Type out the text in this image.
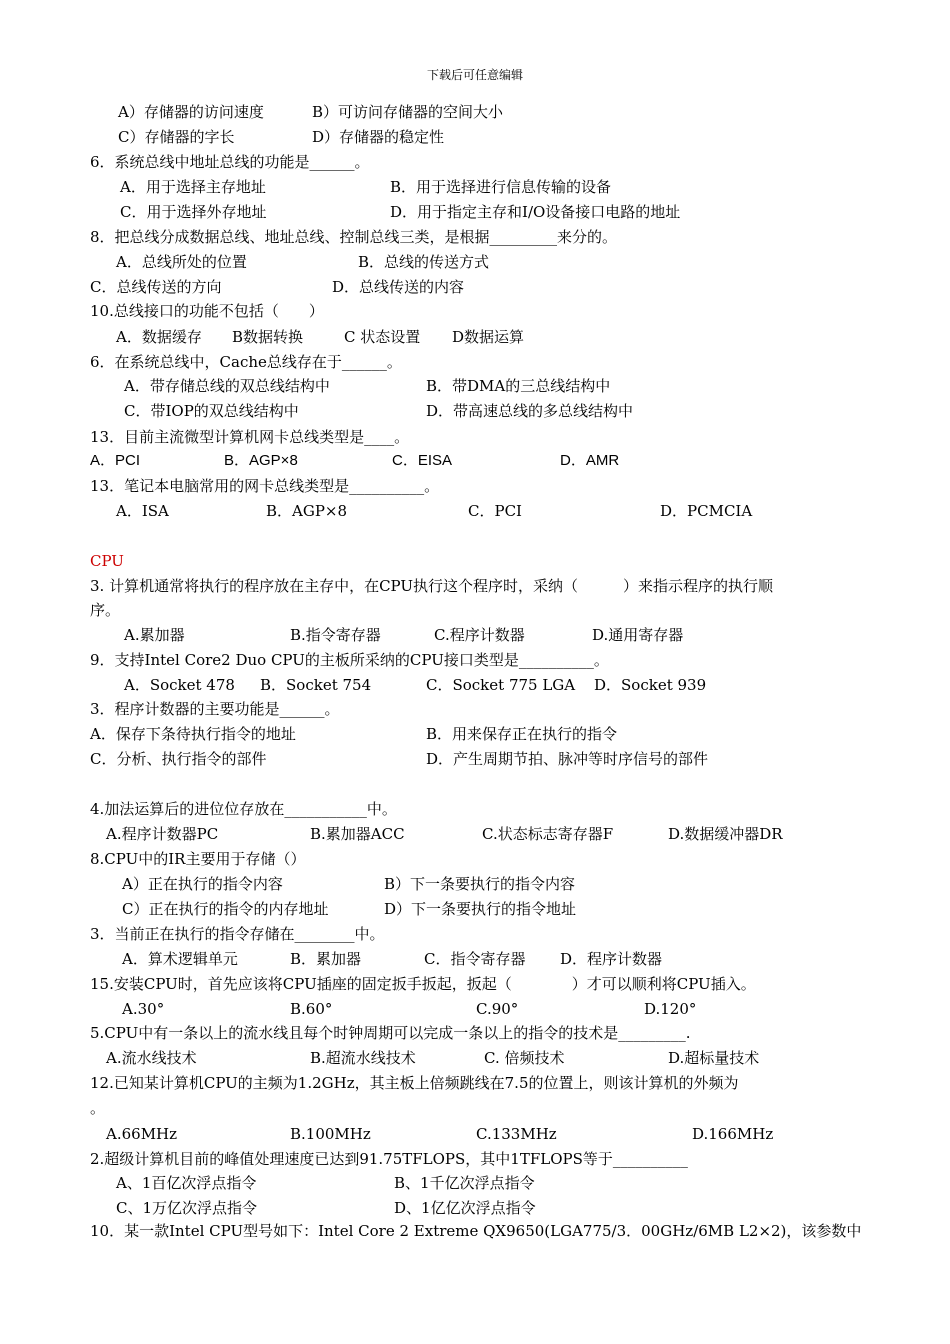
下载后可任意编辑
A）存储器的访问速度	B）可访问存储器的空间大小
C）存储器的字长	D）存储器的稳定性
6．系统总线中地址总线的功能是______。
A．用于选择主存地址	B．用于选择进行信息传输的设备
C．用于选择外存地址	D．用于指定主存和I/O设备接口电路的地址
8．把总线分成数据总线、地址总线、控制总线三类，是根据_________来分的。
A．总线所处的位置	B．总线的传送方式
C．总线传送的方向	D．总线传送的内容
10.总线接口的功能不包括（　　）
A．数据缓存 B数据转换	C 状态设置 D数据运算
6．在系统总线中，Cache总线存在于______。
A．带存储总线的双总线结构中	B．带DMA的三总线结构中
C．带IOP的双总线结构中	D．带高速总线的多总线结构中
13．目前主流微型计算机网卡总线类型是____。
A．PCI	B．AGP×8	C．EISA	D．AMR
13．笔记本电脑常用的网卡总线类型是__________。
A．ISA	B．AGP×8	C．PCI	D．PCMCIA
CPU
3. 计算机通常将执行的程序放在主存中，在CPU执行这个程序时，采纳（　　　）来指示程序的执行顺
序。
A.累加器	B.指令寄存器	C.程序计数器	D.通用寄存器
9．支持Intel Core2 Duo CPU的主板所采纳的CPU接口类型是__________。
A．Socket 478 B．Socket 754	C．Socket 775 LGA D．Socket 939
3．程序计数器的主要功能是______。
A．保存下条待执行指令的地址	B．用来保存正在执行的指令
C．分析、执行指令的部件	D．产生周期节拍、脉冲等时序信号的部件
4.加法运算后的进位位存放在___________中。
A.程序计数器PC	B.累加器ACC	C.状态标志寄存器F	D.数据缓冲器DR
8.CPU中的IR主要用于存储（）
A）正在执行的指令内容	B）下一条要执行的指令内容
C）正在执行的指令的内存地址	D）下一条要执行的指令地址
3．当前正在执行的指令存储在________中。
A．算术逻辑单元	B．累加器	C．指令寄存器 D．程序计数器
15.安装CPU时，首先应该将CPU插座的固定扳手扳起，扳起（　　　　）才可以顺利将CPU插入。
A.30°	B.60°	C.90°	D.120°
5.CPU中有一条以上的流水线且每个时钟周期可以完成一条以上的指令的技术是_________.
A.流水线技术	B.超流水线技术	C. 倍频技术	D.超标量技术
12.已知某计算机CPU的主频为1.2GHz，其主板上倍频跳线在7.5的位置上，则该计算机的外频为
。
A.66MHz	B.100MHz	C.133MHz	D.166MHz
2.超级计算机目前的峰值处理速度已达到91.75TFLOPS，其中1TFLOPS等于__________
A、1百亿次浮点指令	B、1千亿次浮点指令
C、1万亿次浮点指令	D、1亿亿次浮点指令
10．某一款Intel CPU型号如下：Intel Core 2 Extreme QX9650(LGA775/3．00GHz/6MB L2×2)，该参数中
